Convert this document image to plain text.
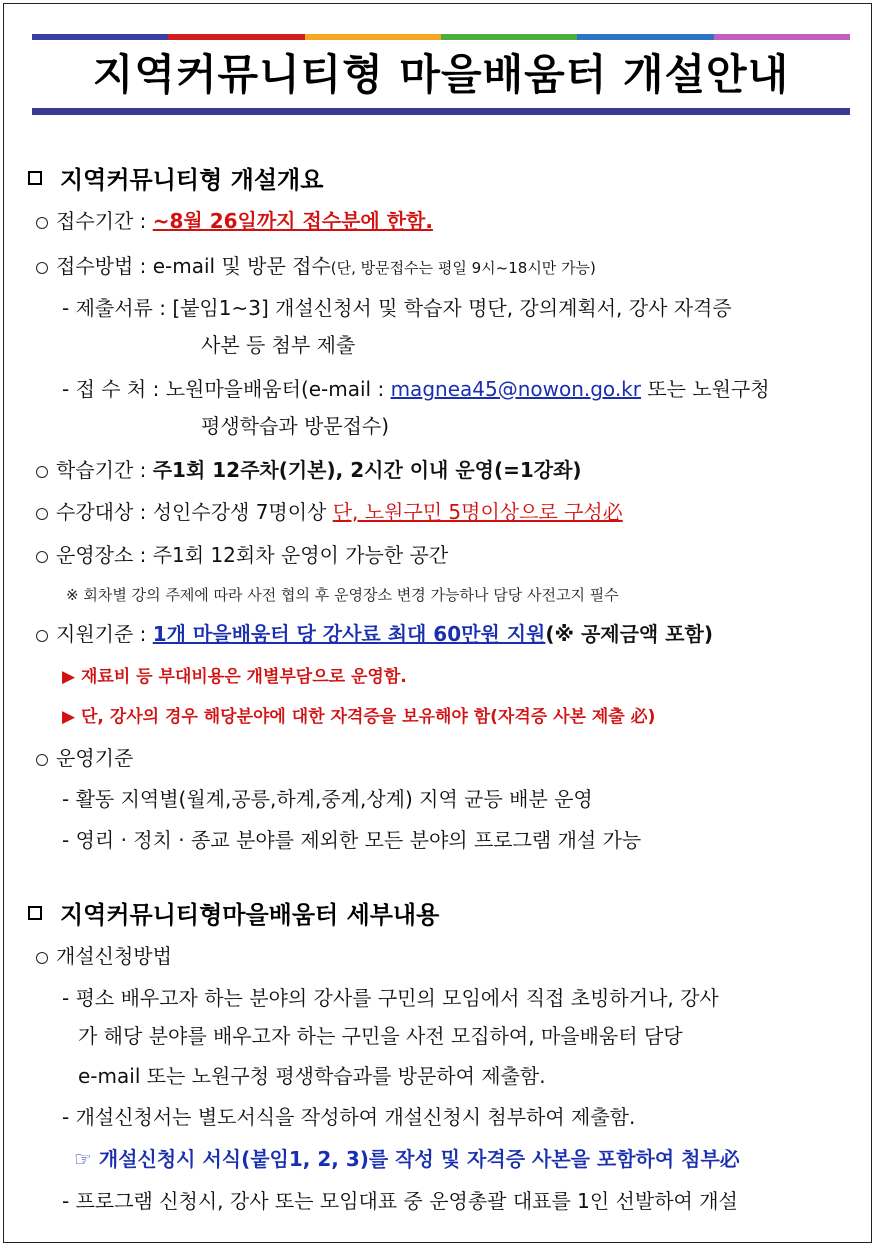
지역커뮤니티형 마을배움터 개설안내
지역커뮤니티형 개설개요
접수기간 : ~8월 26일까지 접수분에 한함.
접수방법 : e-mail 및 방문 접수(단, 방문접수는 평일 9시~18시만 가능)
- 제출서류 : [붙임1~3] 개설신청서 및 학습자 명단, 강의계획서, 강사 자격증
사본 등 첨부 제출
- 접 수 처 : 노원마을배움터(e-mail : magnea45@nowon.go.kr 또는 노원구청
평생학습과 방문접수)
학습기간 : 주1회 12주차(기본), 2시간 이내 운영(=1강좌)
수강대상 : 성인수강생 7명이상 단, 노원구민 5명이상으로 구성必
운영장소 : 주1회 12회차 운영이 가능한 공간
※ 회차별 강의 주제에 따라 사전 협의 후 운영장소 변경 가능하나 담당 사전고지 필수
지원기준 : 1개 마을배움터 당 강사료 최대 60만원 지원(※ 공제금액 포함)
▶ 재료비 등 부대비용은 개별부담으로 운영함.
▶ 단, 강사의 경우 해당분야에 대한 자격증을 보유해야 함(자격증 사본 제출 必)
운영기준
- 활동 지역별(월계,공릉,하계,중계,상계) 지역 균등 배분 운영
- 영리 · 정치 · 종교 분야를 제외한 모든 분야의 프로그램 개설 가능
지역커뮤니티형마을배움터 세부내용
개설신청방법
- 평소 배우고자 하는 분야의 강사를 구민의 모임에서 직접 초빙하거나, 강사
가 해당 분야를 배우고자 하는 구민을 사전 모집하여, 마을배움터 담당
e-mail 또는 노원구청 평생학습과를 방문하여 제출함.
- 개설신청서는 별도서식을 작성하여 개설신청시 첨부하여 제출함.
☞ 개설신청시 서식(붙임1, 2, 3)를 작성 및 자격증 사본을 포함하여 첨부必
- 프로그램 신청시, 강사 또는 모임대표 중 운영총괄 대표를 1인 선발하여 개설
